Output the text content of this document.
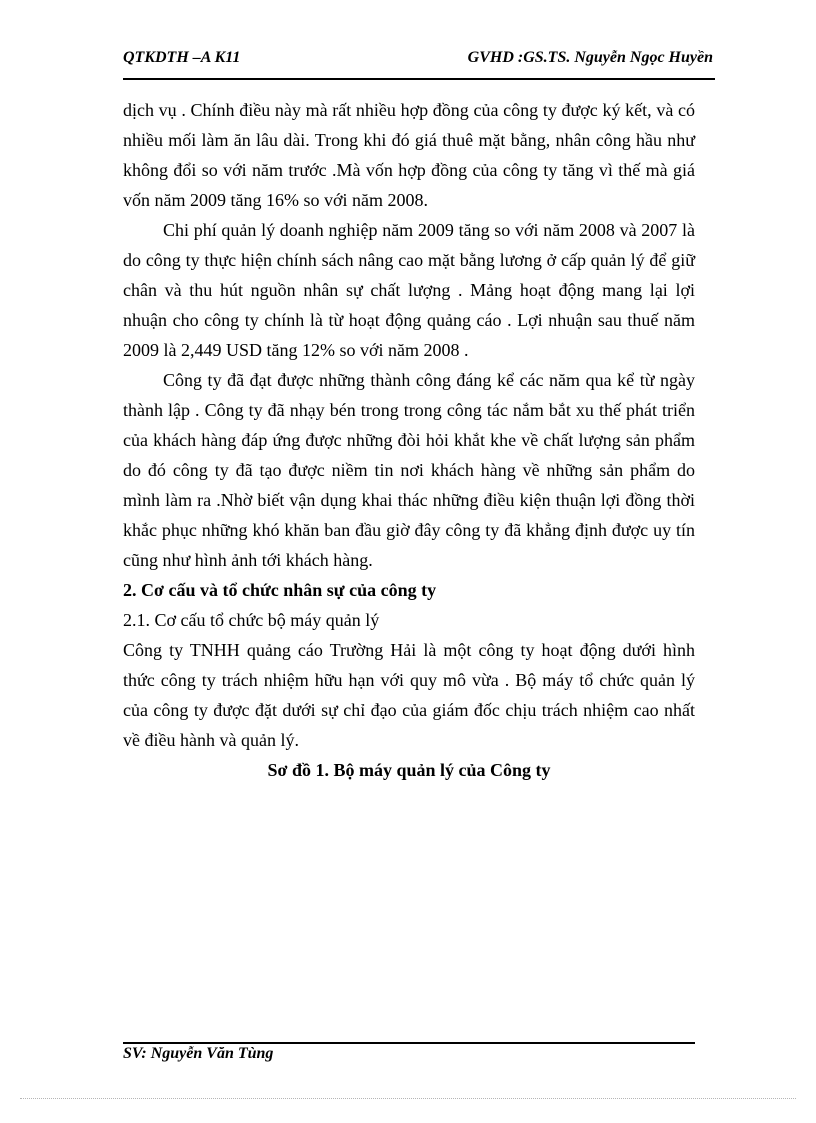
QTKDTH –A K11	GVHD :GS.TS. Nguyễn Ngọc Huyền

dịch vụ . Chính điều này mà rất nhiều hợp đồng của công ty được ký kết, và có nhiều mối làm ăn lâu dài. Trong khi đó giá thuê mặt bằng, nhân công hầu như không đổi so với năm trước .Mà vốn hợp đồng của công ty tăng vì thế mà giá vốn năm 2009 tăng 16% so với năm 2008.

Chi phí quản lý doanh nghiệp năm 2009 tăng so với năm 2008 và 2007 là do công ty thực hiện chính sách nâng cao mặt bằng lương ở cấp quản lý để giữ chân và thu hút nguồn nhân sự chất lượng . Mảng hoạt động mang lại lợi nhuận cho công ty chính là từ hoạt động quảng cáo . Lợi nhuận sau thuế năm 2009 là 2,449 USD tăng 12% so với năm 2008 .

Công ty đã đạt được những thành công đáng kể các năm qua kể từ ngày thành lập . Công ty đã nhạy bén trong trong công tác nắm bắt xu thế phát triển của khách hàng đáp ứng được những đòi hỏi khắt khe về chất lượng sản phẩm do đó công ty đã tạo được niềm tin nơi khách hàng về những sản phẩm do mình làm ra .Nhờ biết vận dụng khai thác những điều kiện thuận lợi đồng thời khắc phục những khó khăn ban đầu giờ đây công ty đã khẳng định được uy tín cũng như hình ảnh tới khách hàng.

2. Cơ cấu và tổ chức nhân sự của công ty

2.1. Cơ cấu tổ chức bộ máy quản lý

Công ty TNHH quảng cáo Trường Hải là một công ty hoạt động dưới hình thức công ty trách nhiệm hữu hạn với quy mô vừa . Bộ máy tổ chức quản lý của công ty được đặt dưới sự chỉ đạo của giám đốc chịu trách nhiệm cao nhất về điều hành và quản lý.

Sơ đồ 1. Bộ máy quản lý của Công ty

SV: Nguyễn Văn Tùng
